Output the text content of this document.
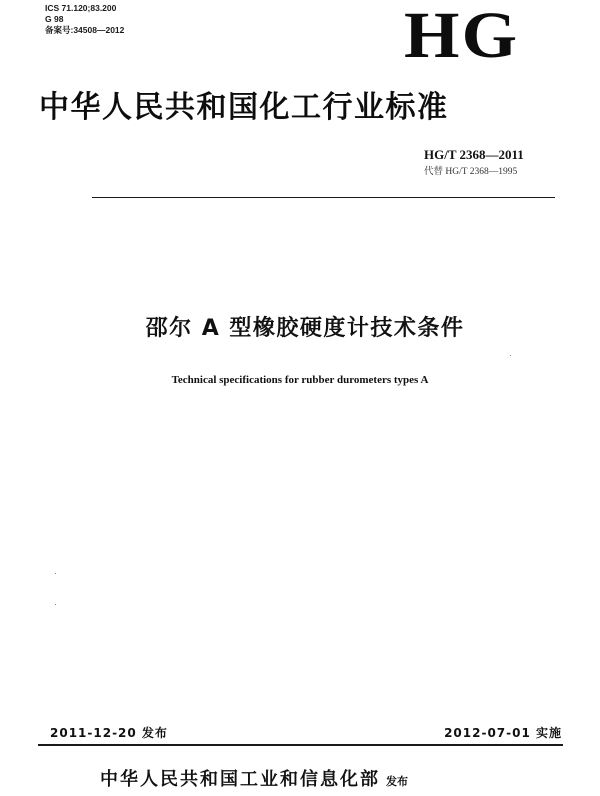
ICS 71.120;83.200
G 98
备案号:34508—2012	HG
中华人民共和国化工行业标准
HG/T 2368—2011
代替 HG/T 2368—1995
邵尔 A 型橡胶硬度计技术条件
Technical specifications for rubber durometers types A
2011-12-20 发布	2012-07-01 实施
中华人民共和国工业和信息化部 发布
